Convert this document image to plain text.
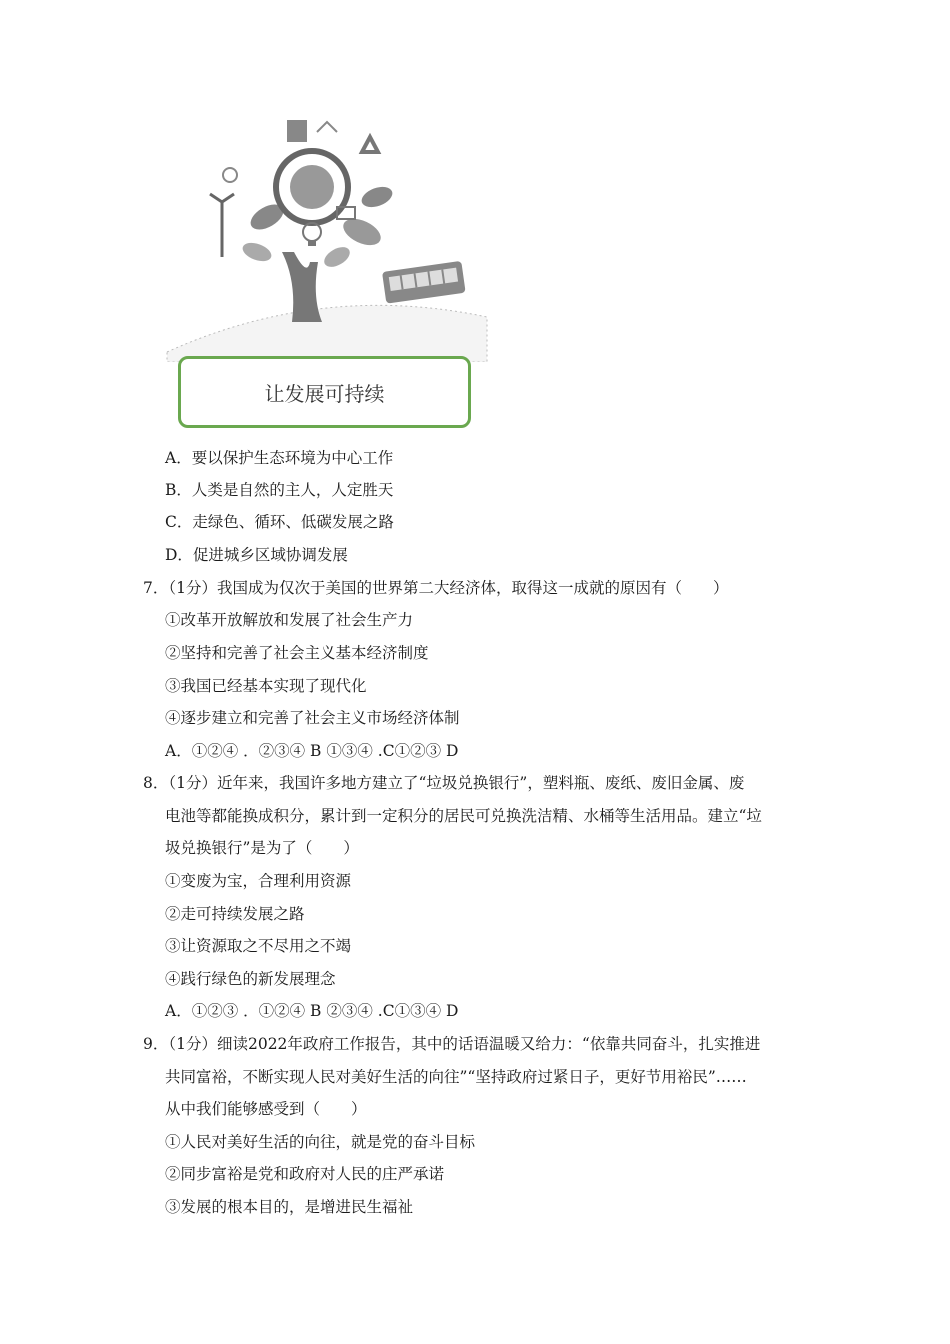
让发展可持续
A．要以保护生态环境为中心工作
B．人类是自然的主人，人定胜天
C．走绿色、循环、低碳发展之路
D．促进城乡区域协调发展
7．（1分）我国成为仅次于美国的世界第二大经济体，取得这一成就的原因有（　　）
①改革开放解放和发展了社会生产力
②坚持和完善了社会主义基本经济制度
③我国已经基本实现了现代化
④逐步建立和完善了社会主义市场经济体制
A．①②④ ．②③④ B ①③④ .C①②③ D
8．（1分）近年来，我国许多地方建立了“垃圾兑换银行”，塑料瓶、废纸、废旧金属、废
电池等都能换成积分，累计到一定积分的居民可兑换洗洁精、水桶等生活用品。建立“垃
圾兑换银行”是为了（　　）
①变废为宝，合理利用资源
②走可持续发展之路
③让资源取之不尽用之不竭
④践行绿色的新发展理念
A．①②③ ．①②④ B ②③④ .C①③④ D
9．（1分）细读2022年政府工作报告，其中的话语温暖又给力：“依靠共同奋斗，扎实推进
共同富裕，不断实现人民对美好生活的向往”“坚持政府过紧日子，更好节用裕民”……
从中我们能够感受到（　　）
①人民对美好生活的向往，就是党的奋斗目标
②同步富裕是党和政府对人民的庄严承诺
③发展的根本目的，是增进民生福祉
